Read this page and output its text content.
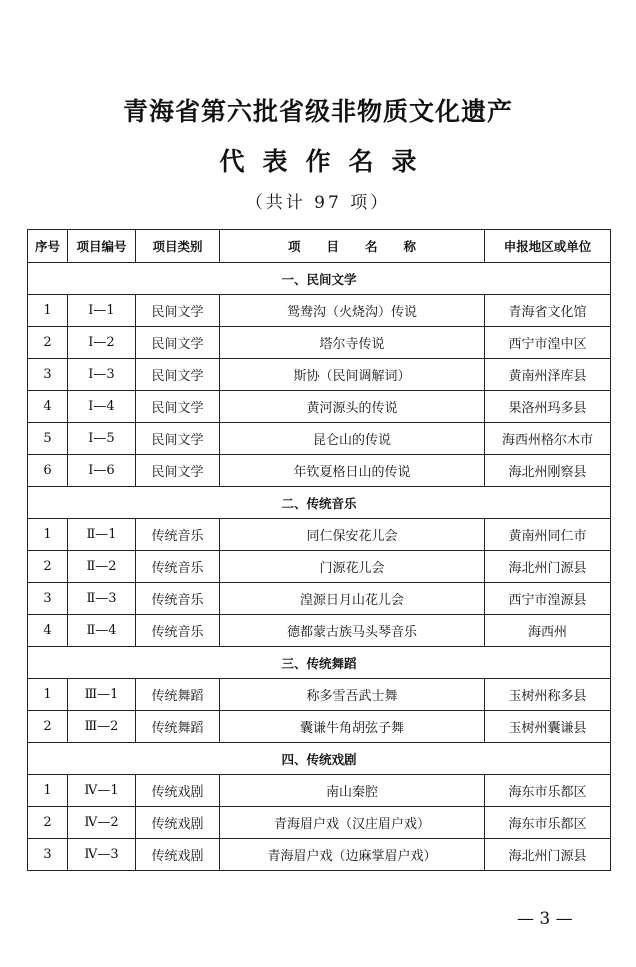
青海省第六批省级非物质文化遗产
代表作名录
（共计 97 项）
序号	项目编号	项目类别	项目名称	申报地区或单位
一、民间文学				
1	Ⅰ—1	民间文学	鸳鸯沟（火烧沟）传说	青海省文化馆
2	Ⅰ—2	民间文学	塔尔寺传说	西宁市湟中区
3	Ⅰ—3	民间文学	斯协（民间调解词）	黄南州泽库县
4	Ⅰ—4	民间文学	黄河源头的传说	果洛州玛多县
5	Ⅰ—5	民间文学	昆仑山的传说	海西州格尔木市
6	Ⅰ—6	民间文学	年钦夏格日山的传说	海北州刚察县
二、传统音乐				
1	Ⅱ—1	传统音乐	同仁保安花儿会	黄南州同仁市
2	Ⅱ—2	传统音乐	门源花儿会	海北州门源县
3	Ⅱ—3	传统音乐	湟源日月山花儿会	西宁市湟源县
4	Ⅱ—4	传统音乐	德都蒙古族马头琴音乐	海西州
三、传统舞蹈				
1	Ⅲ—1	传统舞蹈	称多雪吾武士舞	玉树州称多县
2	Ⅲ—2	传统舞蹈	囊谦牛角胡弦子舞	玉树州囊谦县
四、传统戏剧				
1	Ⅳ—1	传统戏剧	南山秦腔	海东市乐都区
2	Ⅳ—2	传统戏剧	青海眉户戏（汉庄眉户戏）	海东市乐都区
3	Ⅳ—3	传统戏剧	青海眉户戏（边麻掌眉户戏）	海北州门源县
— 3 —
